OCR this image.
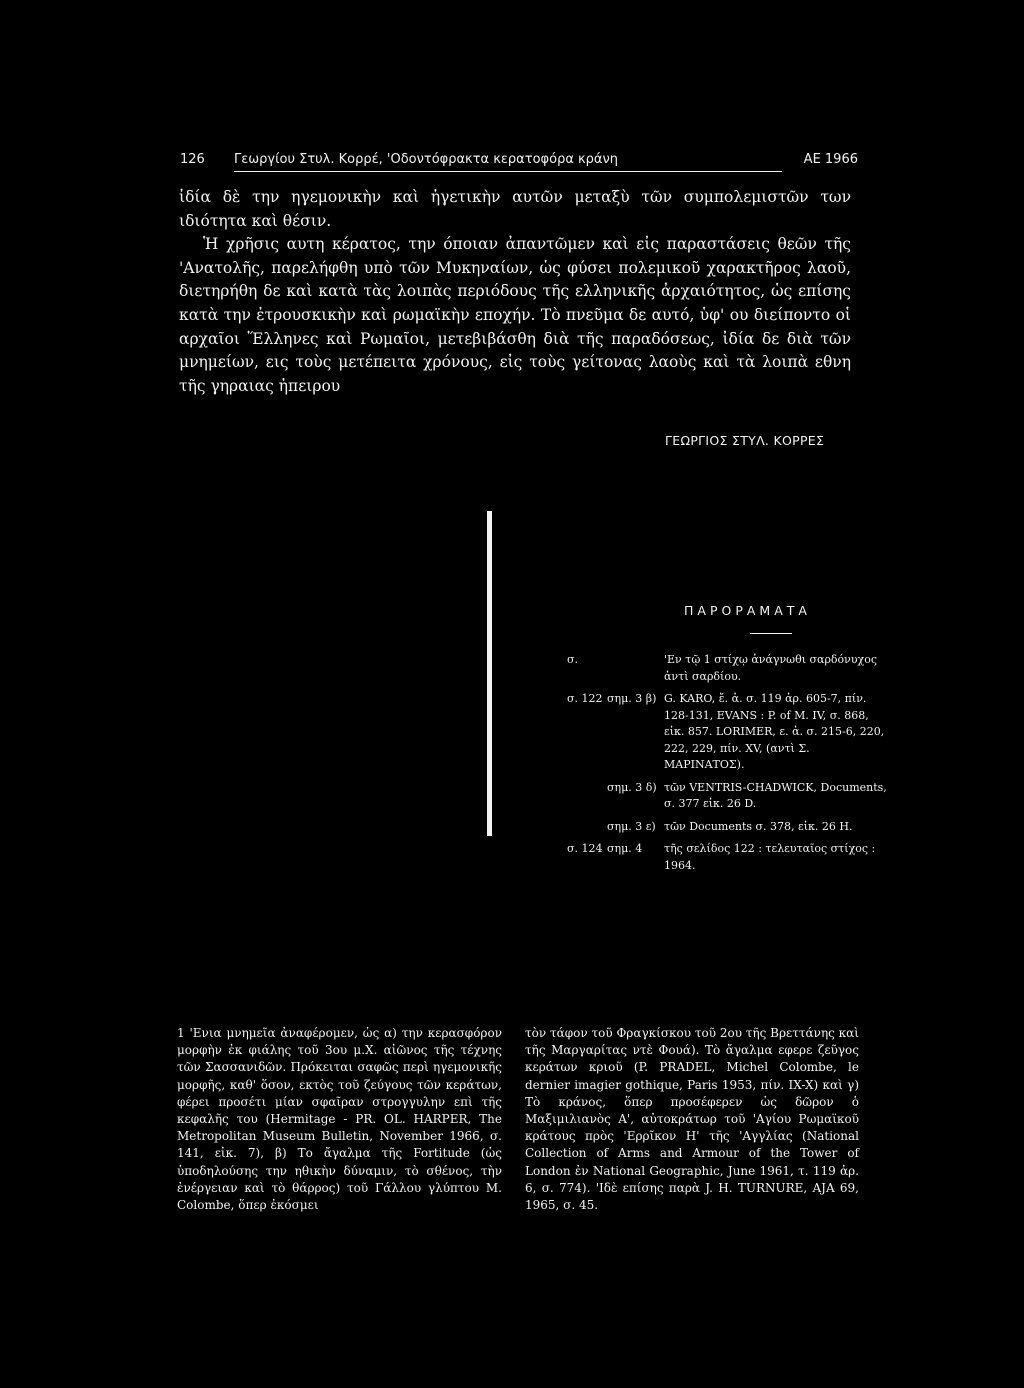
126 Γεωργίου Στυλ. Κορρέ, 'Οδοντόφρακτα κερατοφόρα κράνη	ΑΕ 1966

ἰδία δὲ την ηγεμονικὴν καὶ ἡγετικὴν αυτῶν μεταξὺ τῶν συμπολεμιστῶν των ιδιότητα καὶ θέσιν.

Ἡ χρῆσις αυτη κέρατος, την όποιαν ἀπαντῶμεν καὶ εἰς παραστάσεις θεῶν τῆς 'Ανατολῆς, παρελήφθη υπὸ τῶν Μυκηναίων, ὡς φύσει πολεμικοῦ χαρακτῆρος λαοῦ, διετηρήθη δε καὶ κατὰ τὰς λοιπὰς περιόδους τῆς ελληνικῆς ἀρχαιότητος, ὡς επίσης κατὰ την ἐτρουσκικὴν καὶ ρωμαϊκὴν εποχήν. Τὸ πνεῦμα δε αυτό, ὑφ' ου διείποντο οἱ αρχαῖοι Ἕλληνες καὶ Ρωμαῖοι, μετεβιβάσθη διὰ τῆς παραδόσεως, ἰδία δε διὰ τῶν μνημείων, εις τοὺς μετέπειτα χρόνους, εἰς τοὺς γείτονας λαοὺς καὶ τὰ λοιπὰ εθνη τῆς γηραιας ἠπειρου

ΓΕΩΡΓΙΟΣ ΣΤΥΛ. ΚΟΡΡΕΣ
ΠΑΡΟΡΑΜΑΤΑ
σ.	'Εν τῷ 1 στίχῳ ἀνάγνωθι σαρδόνυχος ἀντὶ σαρδίου.
σ. 122 σημ. 3 β) G. KARO, ἔ. ἀ. σ. 119 ἀρ. 605-7, πίν. 128-131, EVANS : P. of M. IV, σ. 868, εἰκ. 857. LORIMER, ε. ἀ. σ. 215-6, 220, 222, 229, πίν. XV, (αντὶ Σ. ΜΑΡΙΝΑΤΟΣ).
σημ. 3 δ) τῶν VENTRIS-CHADWICK, Documents, σ. 377 εἰκ. 26 D.
σημ. 3 ε) τῶν Documents σ. 378, εἰκ. 26 H.
σ. 124 σημ. 4 τῆς σελίδος 122 : τελευταῖος στίχος : 1964.

1 'Ενια μνημεῖα ἀναφέρομεν, ὡς α) την κερασφόρον μορφὴν ἐκ φιάλης τοῦ 3ου μ.Χ. αἰῶνος τῆς τέχνης τῶν Σασσανιδῶν. Πρόκειται σαφῶς περὶ ηγεμονικῆς μορφῆς, καθ' ὅσον, εκτὸς τοῦ ζεύγους τῶν κεράτων, φέρει προσέτι μίαν σφαῖραν στρογγυλην επὶ τῆς κεφαλῆς του (Hermitage - PR. OL. HARPER, The Metropolitan Museum Bulletin, November 1966, σ. 141, εἰκ. 7), β) Το ἄγαλμα τῆς Fortitude (ὡς ὑποδηλούσης την ηθικὴν δύναμιν, τὸ σθένος, τὴν ἐνέργειαν καὶ τὸ θάρρος) τοῦ Γάλλου γλύπτου M. Colombe, ὅπερ ἐκόσμει

τὸν τάφον τοῦ Φραγκίσκου τοῦ 2ου τῆς Βρεττάνης καὶ τῆς Μαργαρίτας ντὲ Φουά). Τὸ ἄγαλμα εφερε ζεῦγος κεράτων κριοῦ (P. PRADEL, Michel Colombe, le dernier imagier gothique, Paris 1953, πίν. IX-X) καὶ γ) Τὸ κράνος, ὅπερ προσέφερεν ὡς δῶρον ὁ Μαξιμιλιανὸς Α', αὐτοκράτωρ τοῦ 'Αγίου Ρωμαϊκοῦ κράτους πρὸς 'Ερρῖκον Η' τῆς 'Αγγλίας (National Collection of Arms and Armour of the Tower of London ἐν National Geographic, June 1961, τ. 119 ἀρ. 6, σ. 774). 'Ιδὲ επίσης παρὰ J. H. TURNURE, AJA 69, 1965, σ. 45.
